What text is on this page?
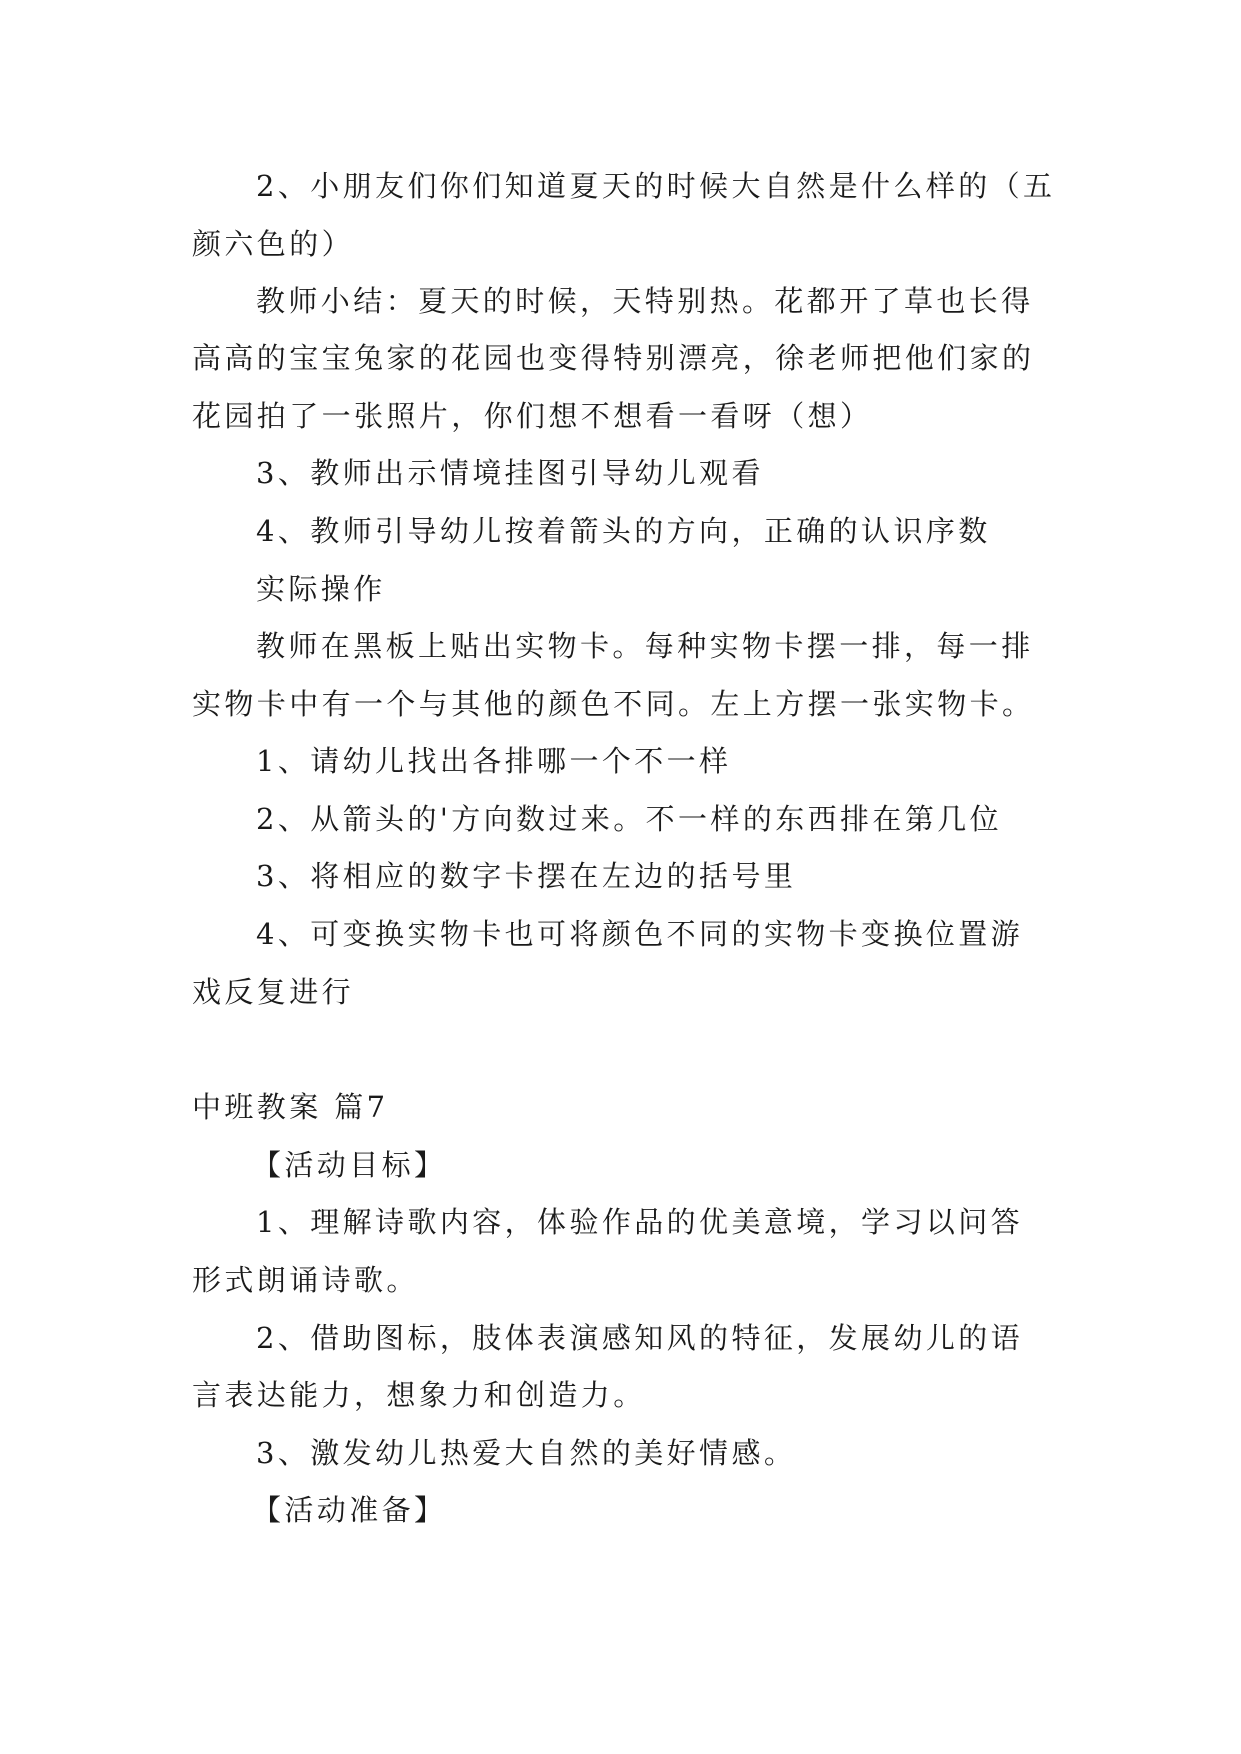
2、小朋友们你们知道夏天的时候大自然是什么样的（五
颜六色的）
教师小结：夏天的时候，天特别热。花都开了草也长得
高高的宝宝兔家的花园也变得特别漂亮，徐老师把他们家的
花园拍了一张照片，你们想不想看一看呀（想）
3、教师出示情境挂图引导幼儿观看
4、教师引导幼儿按着箭头的方向，正确的认识序数
实际操作
教师在黑板上贴出实物卡。每种实物卡摆一排，每一排
实物卡中有一个与其他的颜色不同。左上方摆一张实物卡。
1、请幼儿找出各排哪一个不一样
2、从箭头的'方向数过来。不一样的东西排在第几位
3、将相应的数字卡摆在左边的括号里
4、可变换实物卡也可将颜色不同的实物卡变换位置游
戏反复进行
中班教案 篇7
【活动目标】
1、理解诗歌内容，体验作品的优美意境，学习以问答
形式朗诵诗歌。
2、借助图标，肢体表演感知风的特征，发展幼儿的语
言表达能力，想象力和创造力。
3、激发幼儿热爱大自然的美好情感。
【活动准备】
